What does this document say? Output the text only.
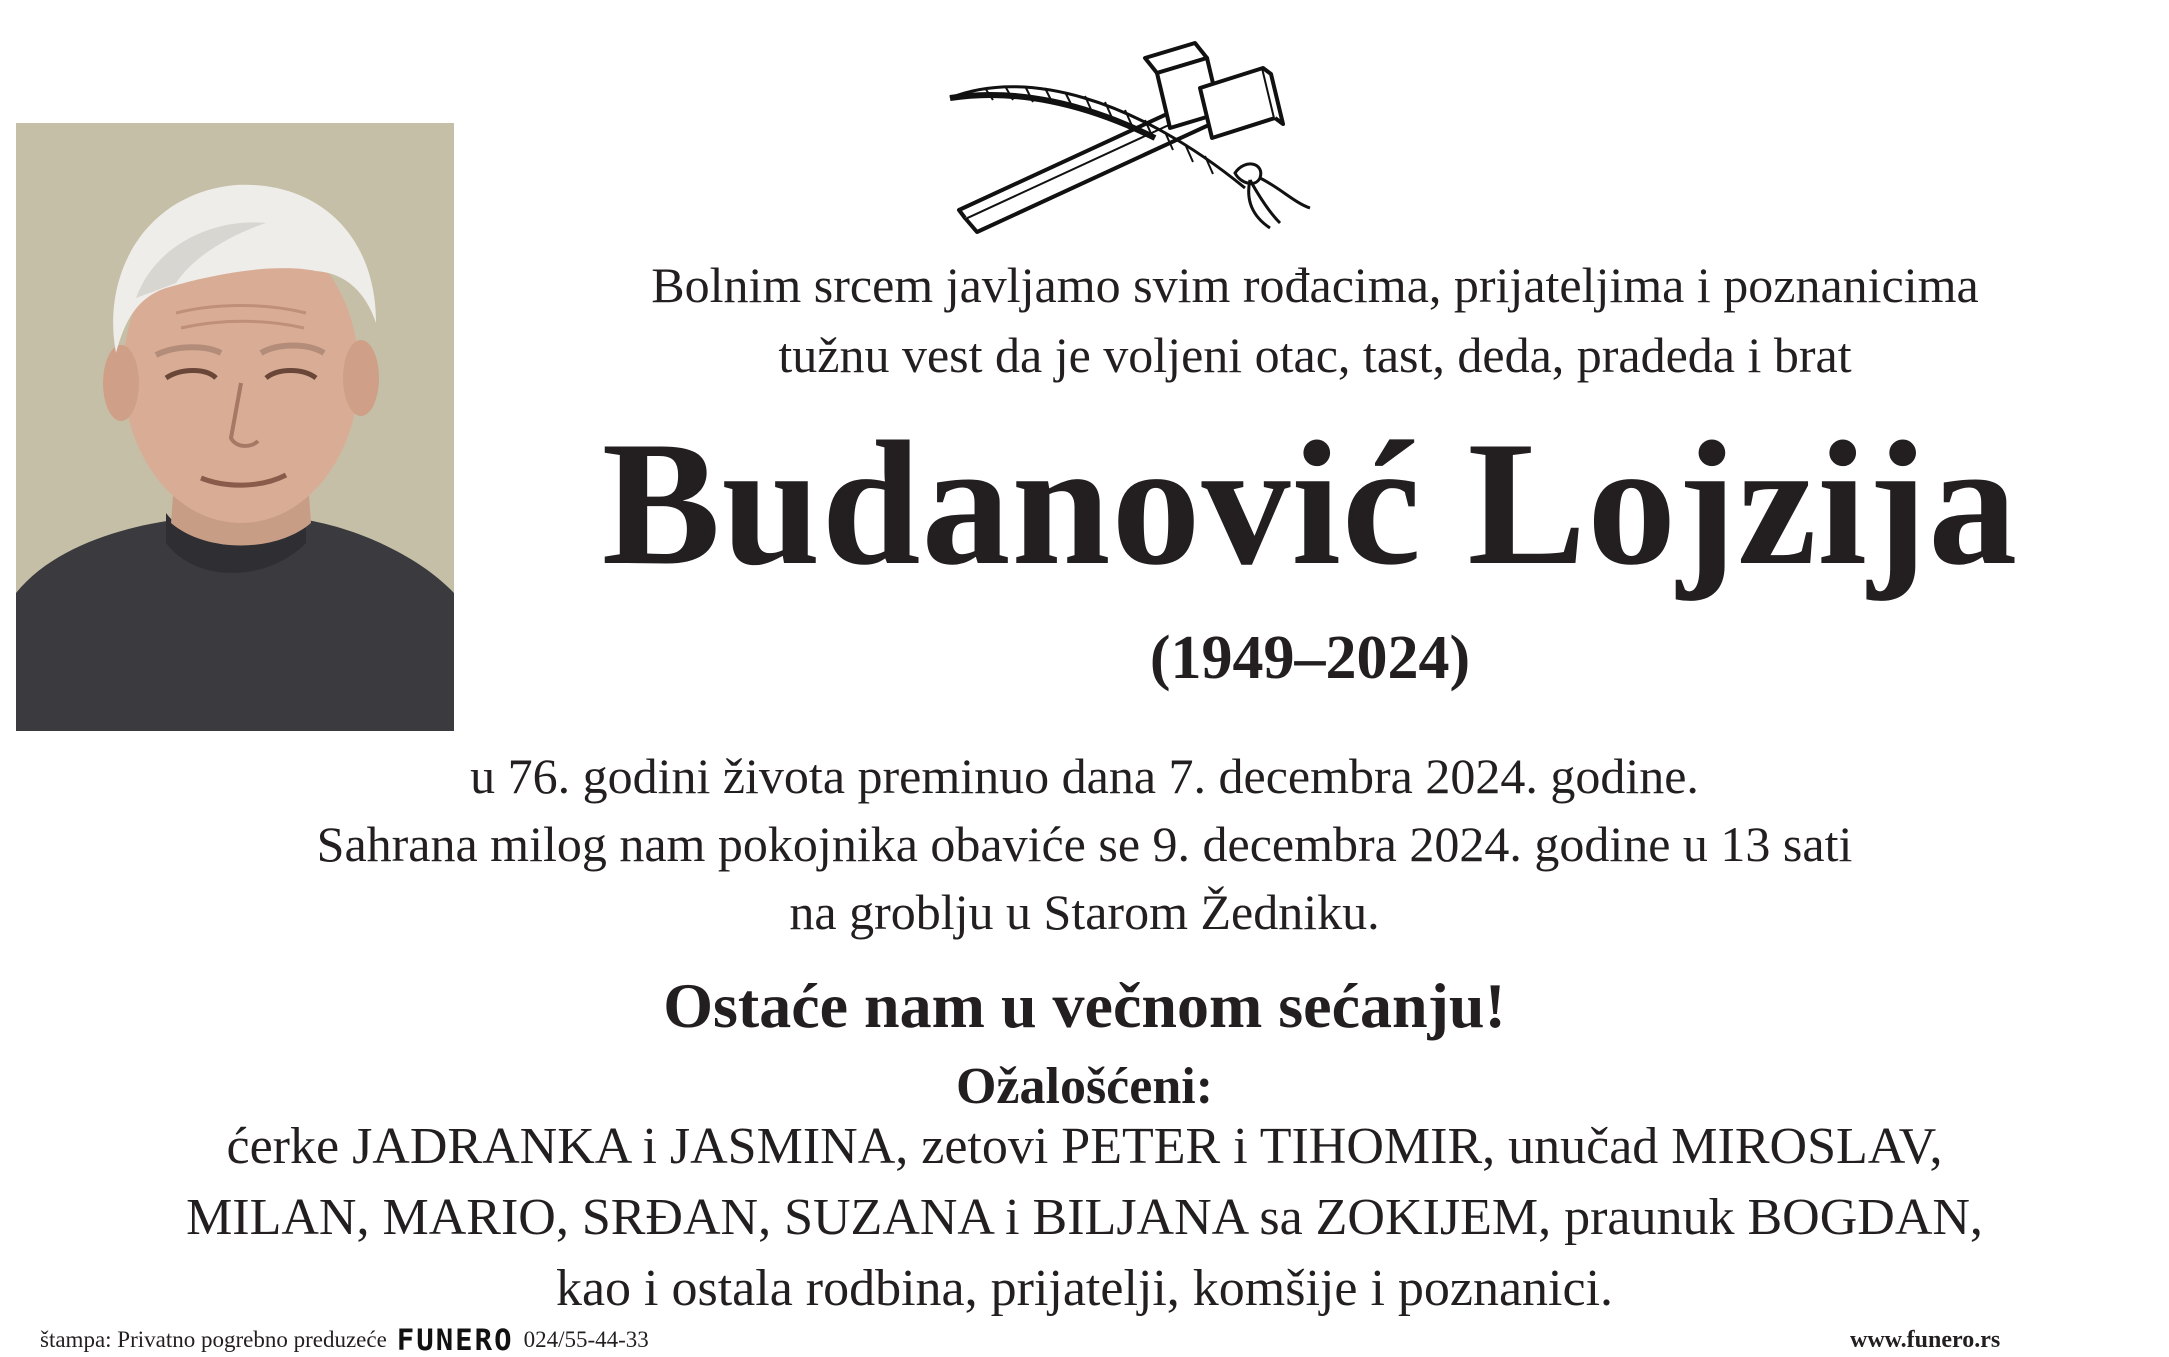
Bolnim srcem javljamo svim rođacima, prijateljima i poznanicima
tužnu vest da je voljeni otac, tast, deda, pradeda i brat
Budanović Lojzija
(1949–2024)
u 76. godini života preminuo dana 7. decembra 2024. godine.
Sahrana milog nam pokojnika obaviće se 9. decembra 2024. godine u 13 sati
na groblju u Starom Žedniku.
Ostaće nam u večnom sećanju!
Ožalošćeni:
ćerke JADRANKA i JASMINA, zetovi PETER i TIHOMIR, unučad MIROSLAV,
MILAN, MARIO, SRĐAN, SUZANA i BILJANA sa ZOKIJEM, praunuk BOGDAN,
kao i ostala rodbina, prijatelji, komšije i poznanici.
štampa: Privatno pogrebno preduzeće FUNERO 024/55-44-33	www.funero.rs
